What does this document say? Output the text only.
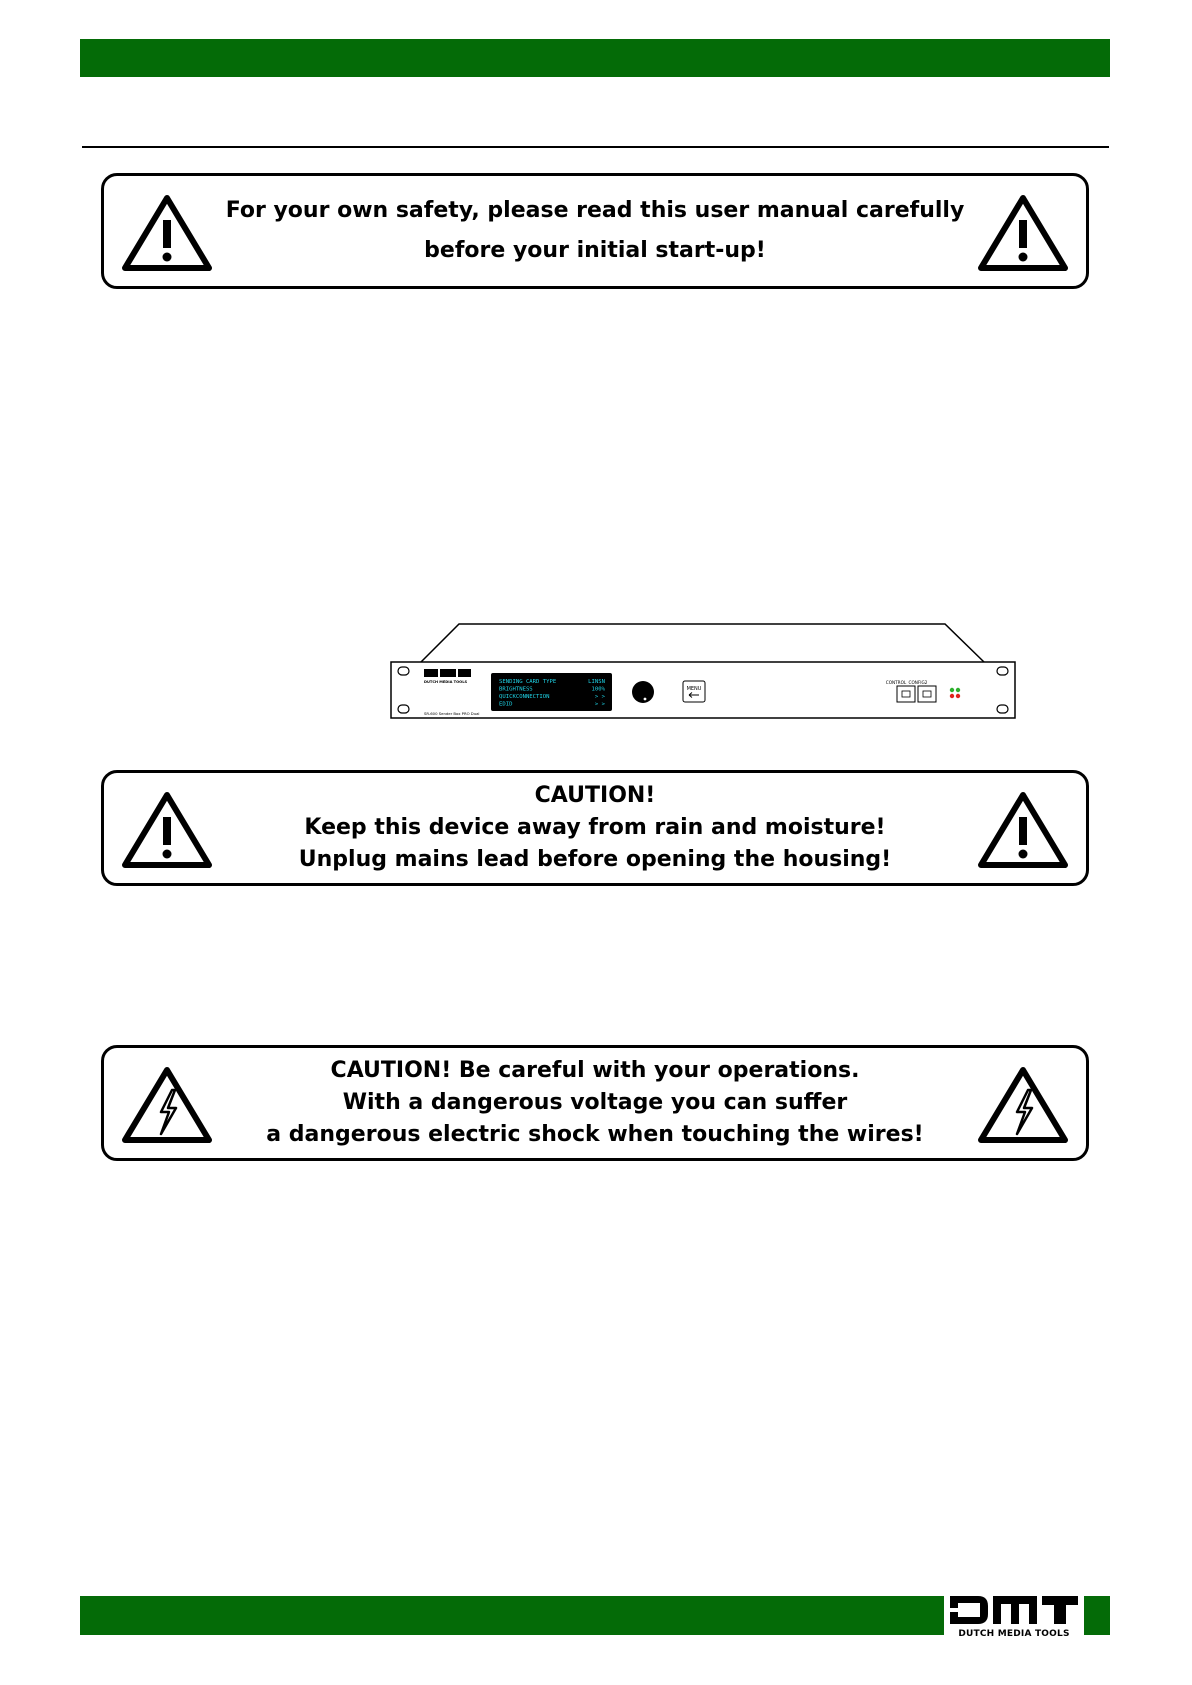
For your own safety, please read this user manual carefully
before your initial start-up!
DUTCH MEDIA TOOLS
SR-600 Sender Box PRO Dual
SENDING CARD TYPE	LINSN
BRIGHTNESS	100%
QUICKCONNECTION	> >
EDID	> >
MENU
CONTROL CONFIG2
CAUTION!
Keep this device away from rain and moisture!
Unplug mains lead before opening the housing!
CAUTION! Be careful with your operations.
With a dangerous voltage you can suffer
a dangerous electric shock when touching the wires!
DUTCH MEDIA TOOLS
